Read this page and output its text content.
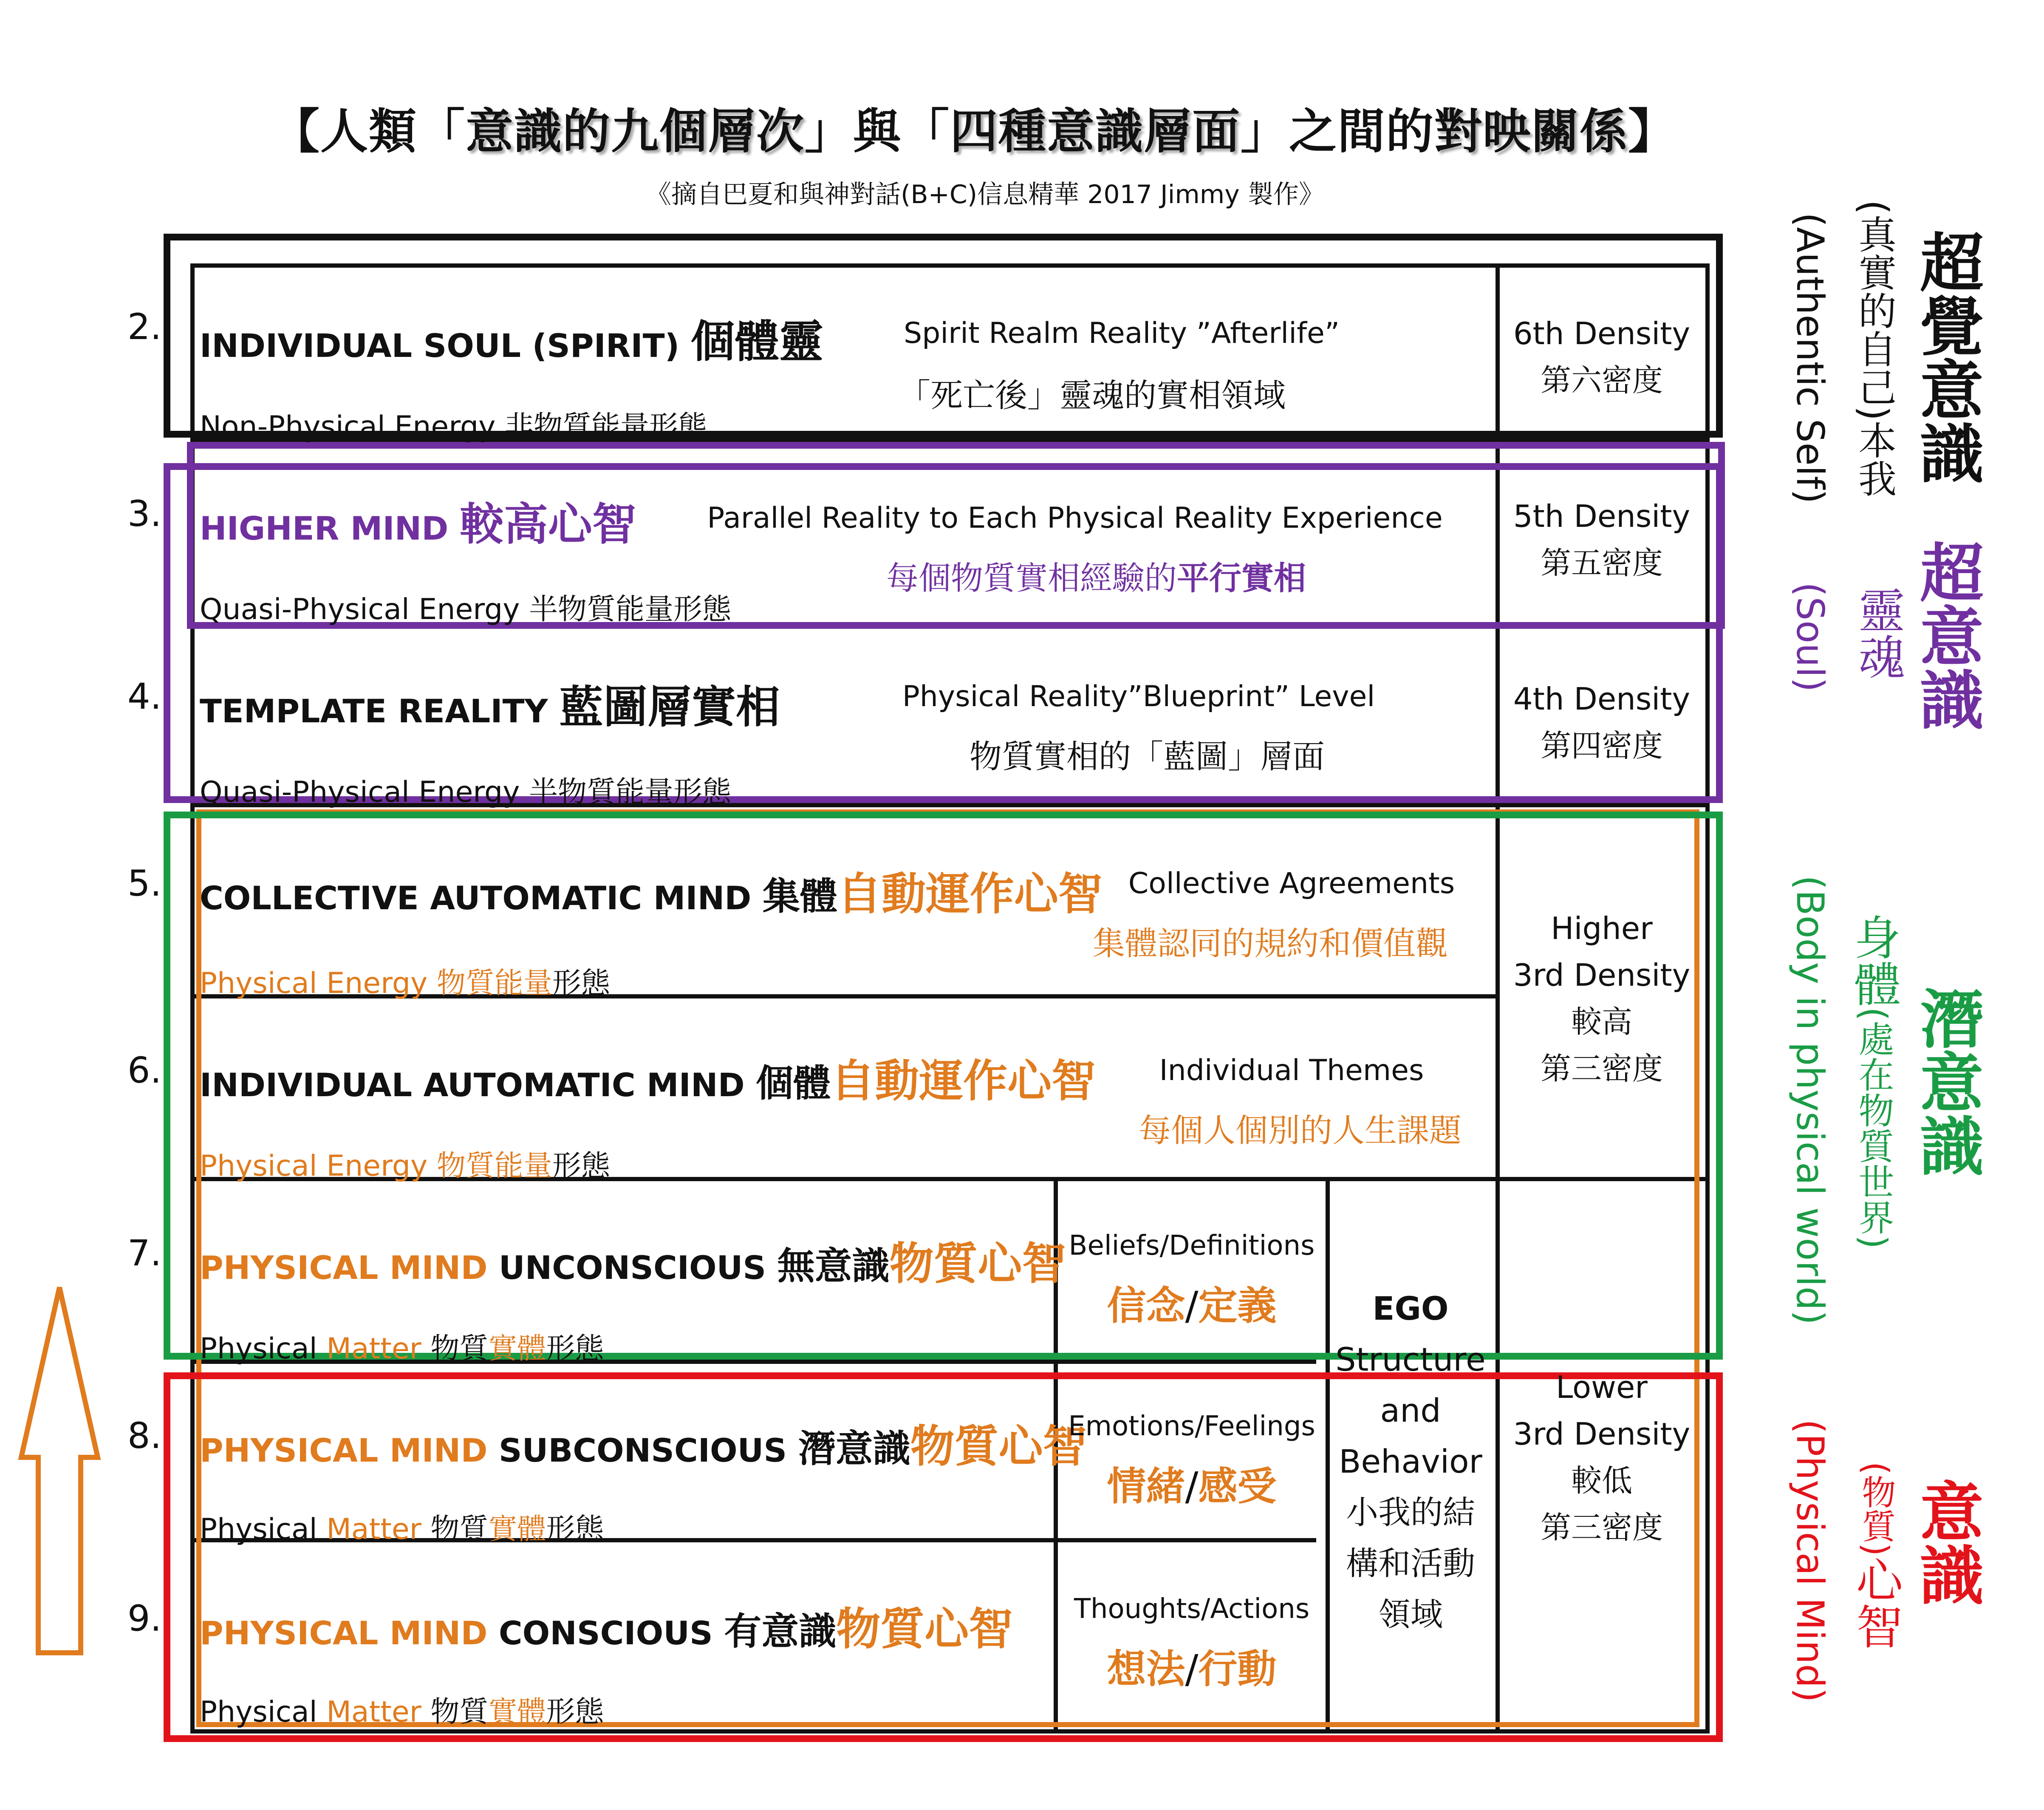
【人類「意識的九個層次」與「四種意識層面」之間的對映關係】
《摘自巴夏和與神對話(B+C)信息精華 2017 Jimmy 製作》
2. INDIVIDUAL SOUL (SPIRIT) 個體靈
Non-Physical Energy 非物質能量形態
Spirit Realm Reality ”Afterlife”
「死亡後」靈魂的實相領域
6th Density
第六密度
3. HIGHER MIND 較高心智
Quasi-Physical Energy 半物質能量形態
Parallel Reality to Each Physical Reality Experience
每個物質實相經驗的平行實相
5th Density
第五密度
4. TEMPLATE REALITY 藍圖層實相
Quasi-Physical Energy 半物質能量形態
Physical Reality”Blueprint” Level
物質實相的「藍圖」層面
4th Density
第四密度
5. COLLECTIVE AUTOMATIC MIND 集體自動運作心智
Physical Energy 物質能量形態
Collective Agreements
集體認同的規約和價值觀	Higher
3rd Density
較高
第三密度
6. INDIVIDUAL AUTOMATIC MIND 個體自動運作心智
Physical Energy 物質能量形態
Individual Themes
每個人個別的人生課題
7. PHYSICAL MIND UNCONSCIOUS 無意識物質心智
Physical Matter 物質實體形態
Beliefs/Definitions
信念/定義	EGO
Structure
and
Behavior
小我的結
構和活動
領域
Lower
3rd Density
較低
第三密度
8. PHYSICAL MIND SUBCONSCIOUS 潛意識物質心智
Physical Matter 物質實體形態
Emotions/Feelings
情緒/感受
9. PHYSICAL MIND CONSCIOUS 有意識物質心智
Physical Matter 物質實體形態
Thoughts/Actions
想法/行動
超覺意識
(真實的自己)本我
(Authentic Self)
超意識
靈魂
(Soul)
潛意識
身體(處在物質世界)
(Body in physical world)
意識
(物質)心智
(Physical Mind)
